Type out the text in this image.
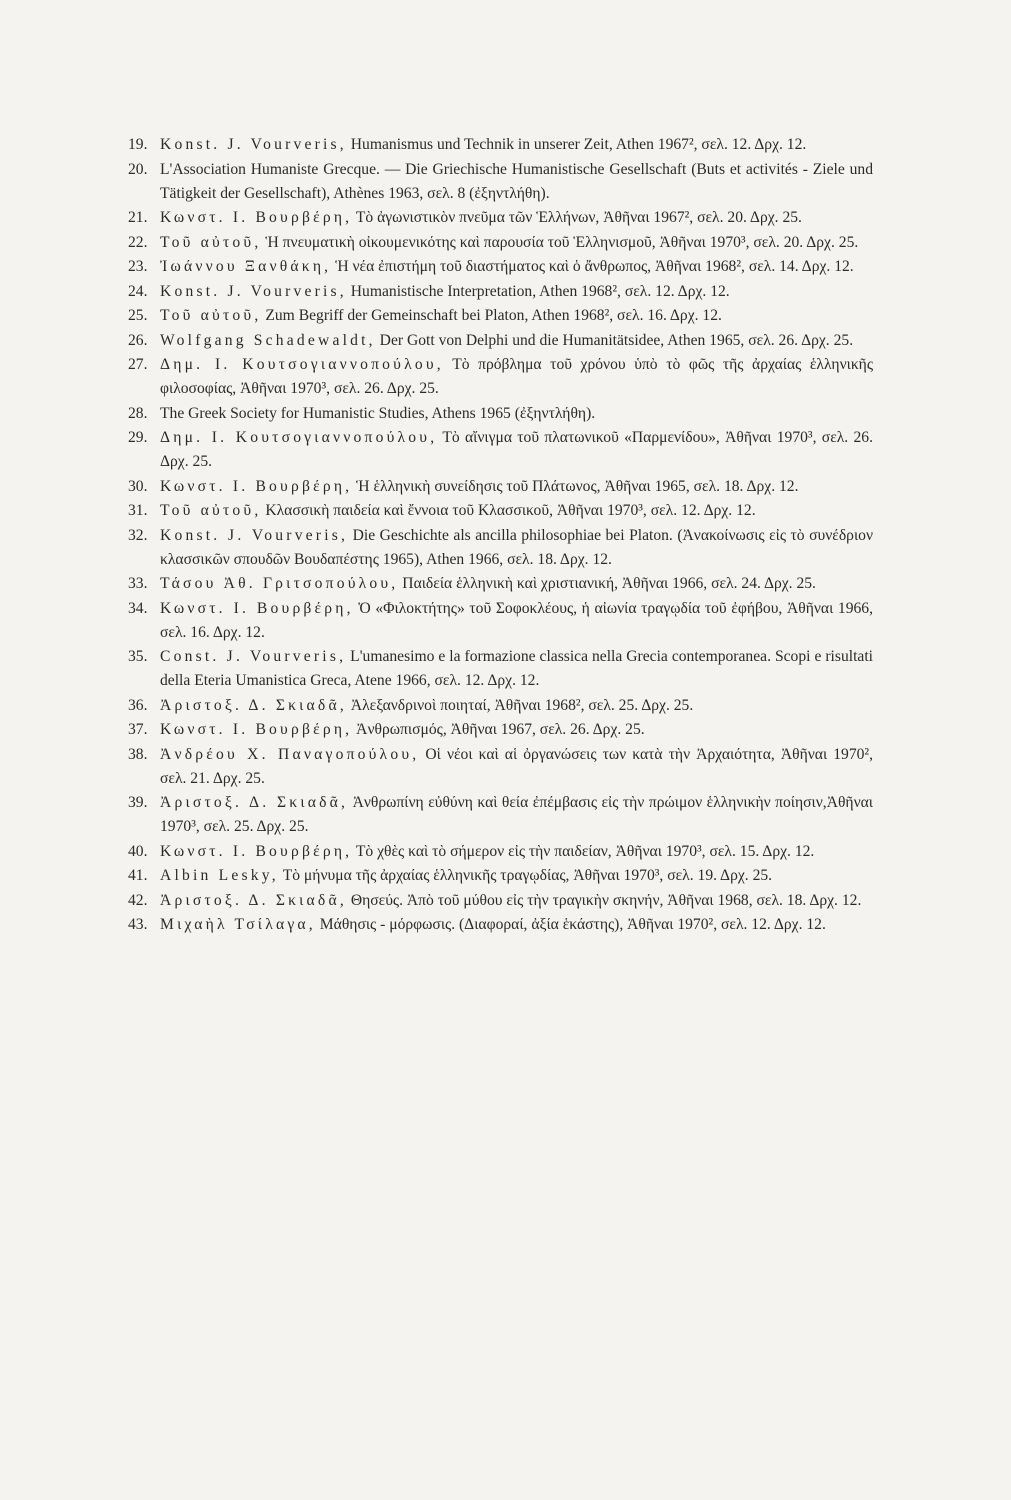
19. Konst. J. Vourveris, Humanismus und Technik in unserer Zeit, Athen 1967², σελ. 12. Δρχ. 12.
20. L'Association Humaniste Grecque. — Die Griechische Humanistische Gesellschaft (Buts et activités - Ziele und Tätigkeit der Gesellschaft), Athènes 1963, σελ. 8 (ἐξηντλήθη).
21. Κωνστ. Ι. Βουρβέρη, Τὸ ἀγωνιστικὸν πνεῦμα τῶν Ἑλλήνων, Ἀθῆναι 1967², σελ. 20. Δρχ. 25.
22. Τοῦ αὐτοῦ, Ἡ πνευματικὴ οἰκουμενικότης καὶ παρουσία τοῦ Ἑλληνισμοῦ, Ἀθῆναι 1970³, σελ. 20. Δρχ. 25.
23. Ἰωάννου Ξανθάκη, Ἡ νέα ἐπιστήμη τοῦ διαστήματος καὶ ὁ ἄνθρωπος, Ἀθῆναι 1968², σελ. 14. Δρχ. 12.
24. Konst. J. Vourveris, Humanistische Interpretation, Athen 1968², σελ. 12. Δρχ. 12.
25. Τοῦ αὐτοῦ, Zum Begriff der Gemeinschaft bei Platon, Athen 1968², σελ. 16. Δρχ. 12.
26. Wolfgang Schadewaldt, Der Gott von Delphi und die Humanitätsidee, Athen 1965, σελ. 26. Δρχ. 25.
27. Δημ. Ι. Κουτσογιαννοπούλου, Τὸ πρόβλημα τοῦ χρόνου ὑπὸ τὸ φῶς τῆς ἀρχαίας ἑλληνικῆς φιλοσοφίας, Ἀθῆναι 1970³, σελ. 26. Δρχ. 25.
28. The Greek Society for Humanistic Studies, Athens 1965 (ἐξηντλήθη).
29. Δημ. Ι. Κουτσογιαννοπούλου, Τὸ αἴνιγμα τοῦ πλατωνικοῦ «Παρμενίδου», Ἀθῆναι 1970³, σελ. 26. Δρχ. 25.
30. Κωνστ. Ι. Βουρβέρη, Ἡ ἑλληνικὴ συνείδησις τοῦ Πλάτωνος, Ἀθῆναι 1965, σελ. 18. Δρχ. 12.
31. Τοῦ αὐτοῦ, Κλασσικὴ παιδεία καὶ ἔννοια τοῦ Κλασσικοῦ, Ἀθῆναι 1970³, σελ. 12. Δρχ. 12.
32. Konst. J. Vourveris, Die Geschichte als ancilla philosophiae bei Platon. (Ἀνακοίνωσις εἰς τὸ συνέδριον κλασσικῶν σπουδῶν Βουδαπέστης 1965), Athen 1966, σελ. 18. Δρχ. 12.
33. Τάσου Ἀθ. Γριτσοπούλου, Παιδεία ἑλληνικὴ καὶ χριστιανική, Ἀθῆναι 1966, σελ. 24. Δρχ. 25.
34. Κωνστ. Ι. Βουρβέρη, Ὁ «Φιλοκτήτης» τοῦ Σοφοκλέους, ἡ αἰωνία τραγῳδία τοῦ ἐφήβου, Ἀθῆναι 1966, σελ. 16. Δρχ. 12.
35. Const. J. Vourveris, L'umanesimo e la formazione classica nella Grecia contemporanea. Scopi e risultati della Eteria Umanistica Greca, Atene 1966, σελ. 12. Δρχ. 12.
36. Ἀριστοξ. Δ. Σκιαδᾶ, Ἀλεξανδρινοὶ ποιηταί, Ἀθῆναι 1968², σελ. 25. Δρχ. 25.
37. Κωνστ. Ι. Βουρβέρη, Ἀνθρωπισμός, Ἀθῆναι 1967, σελ. 26. Δρχ. 25.
38. Ἀνδρέου Χ. Παναγοπούλου, Οἱ νέοι καὶ αἱ ὀργανώσεις των κατὰ τὴν Ἀρχαιότητα, Ἀθῆναι 1970², σελ. 21. Δρχ. 25.
39. Ἀριστοξ. Δ. Σκιαδᾶ, Ἀνθρωπίνη εὐθύνη καὶ θεία ἐπέμβασις εἰς τὴν πρώιμον ἑλληνικὴν ποίησιν,Ἀθῆναι 1970³, σελ. 25. Δρχ. 25.
40. Κωνστ. Ι. Βουρβέρη, Τὸ χθὲς καὶ τὸ σήμερον εἰς τὴν παιδείαν, Ἀθῆναι 1970³, σελ. 15. Δρχ. 12.
41. Albin Lesky, Τὸ μήνυμα τῆς ἀρχαίας ἑλληνικῆς τραγῳδίας, Ἀθῆναι 1970³, σελ. 19. Δρχ. 25.
42. Ἀριστοξ. Δ. Σκιαδᾶ, Θησεύς. Ἀπὸ τοῦ μύθου εἰς τὴν τραγικὴν σκηνήν, Ἀθῆναι 1968, σελ. 18. Δρχ. 12.
43. Μιχαὴλ Τσίλαγα, Μάθησις - μόρφωσις. (Διαφοραί, ἀξία ἑκάστης), Ἀθῆναι 1970², σελ. 12. Δρχ. 12.
